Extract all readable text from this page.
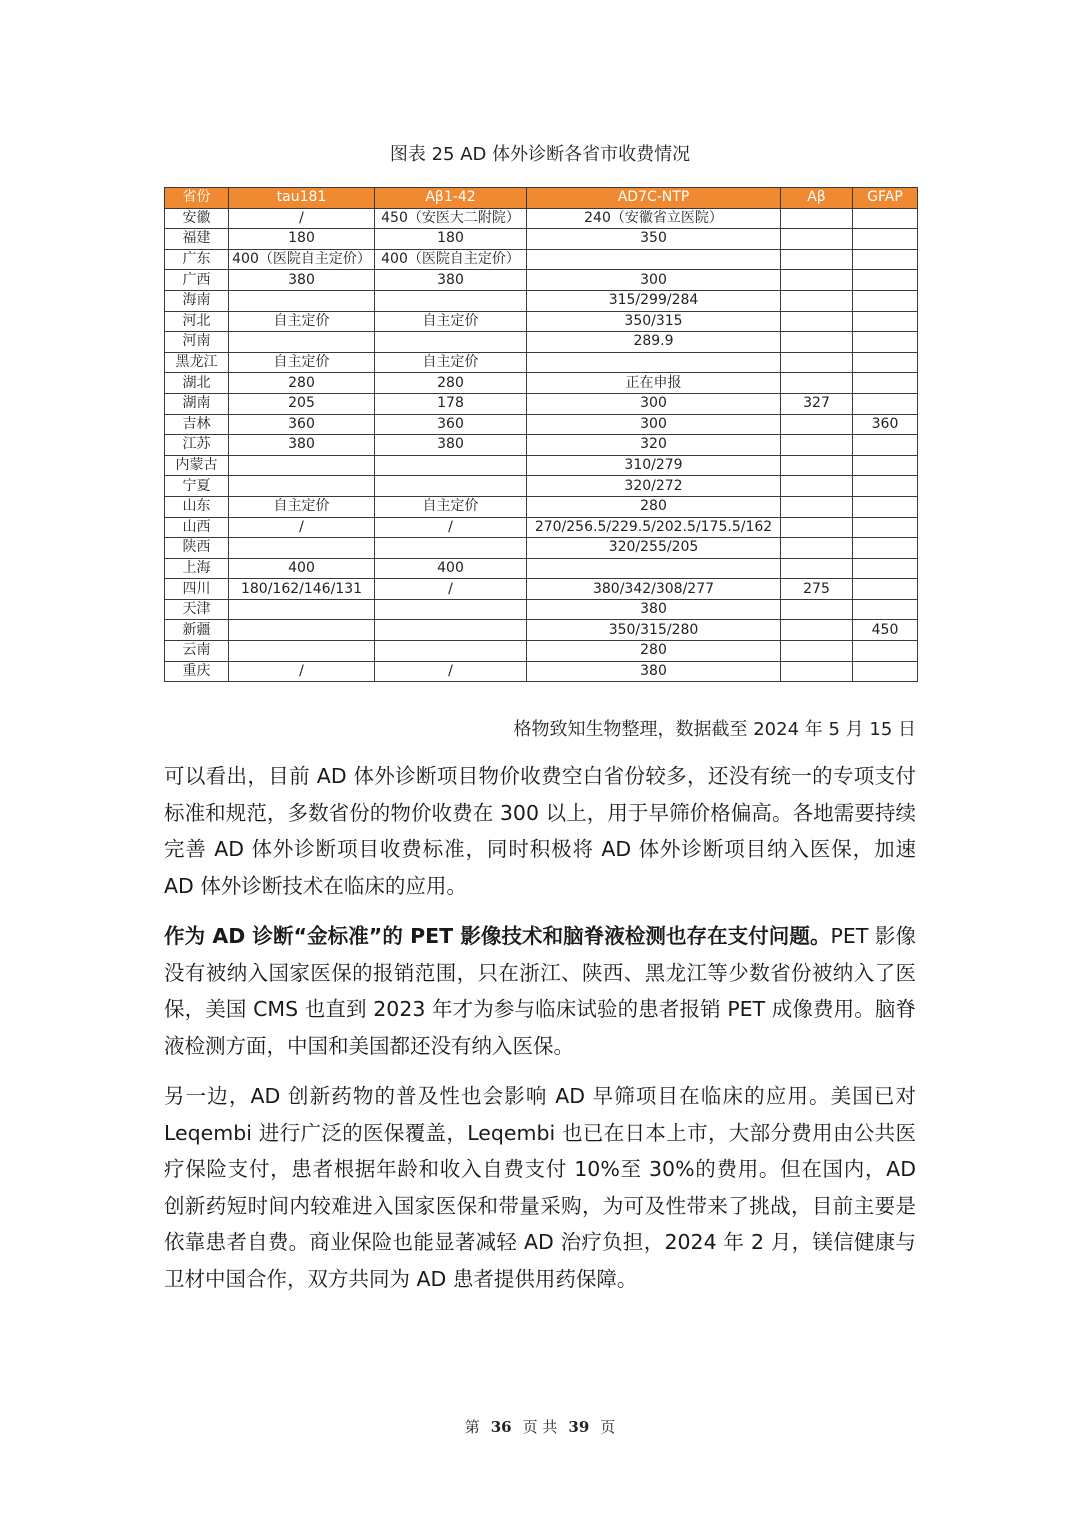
图表 25 AD 体外诊断各省市收费情况
省份	tau181	Aβ1-42	AD7C-NTP	Aβ	GFAP
安徽	/	450（安医大二附院）	240（安徽省立医院）		
福建	180	180	350		
广东	400（医院自主定价）	400（医院自主定价）			
广西	380	380	300		
海南			315/299/284		
河北	自主定价	自主定价	350/315		
河南			289.9		
黑龙江	自主定价	自主定价			
湖北	280	280	正在申报		
湖南	205	178	300	327	
吉林	360	360	300		360
江苏	380	380	320		
内蒙古			310/279		
宁夏			320/272		
山东	自主定价	自主定价	280		
山西	/	/	270/256.5/229.5/202.5/175.5/162		
陕西			320/255/205		
上海	400	400			
四川	180/162/146/131	/	380/342/308/277	275	
天津			380		
新疆			350/315/280		450
云南			280		
重庆	/	/	380		
格物致知生物整理，数据截至 2024 年 5 月 15 日

可以看出，目前 AD 体外诊断项目物价收费空白省份较多，还没有统一的专项支付标准和规范，多数省份的物价收费在 300 以上，用于早筛价格偏高。各地需要持续完善 AD 体外诊断项目收费标准，同时积极将 AD 体外诊断项目纳入医保，加速 AD 体外诊断技术在临床的应用。

作为 AD 诊断“金标准”的 PET 影像技术和脑脊液检测也存在支付问题。PET 影像没有被纳入国家医保的报销范围，只在浙江、陕西、黑龙江等少数省份被纳入了医保，美国 CMS 也直到 2023 年才为参与临床试验的患者报销 PET 成像费用。脑脊液检测方面，中国和美国都还没有纳入医保。

另一边，AD 创新药物的普及性也会影响 AD 早筛项目在临床的应用。美国已对 Leqembi 进行广泛的医保覆盖，Leqembi 也已在日本上市，大部分费用由公共医疗保险支付，患者根据年龄和收入自费支付 10%至 30%的费用。但在国内，AD 创新药短时间内较难进入国家医保和带量采购，为可及性带来了挑战，目前主要是依靠患者自费。商业保险也能显著减轻 AD 治疗负担，2024 年 2 月，镁信健康与卫材中国合作，双方共同为 AD 患者提供用药保障。

第 36 页 共 39 页
